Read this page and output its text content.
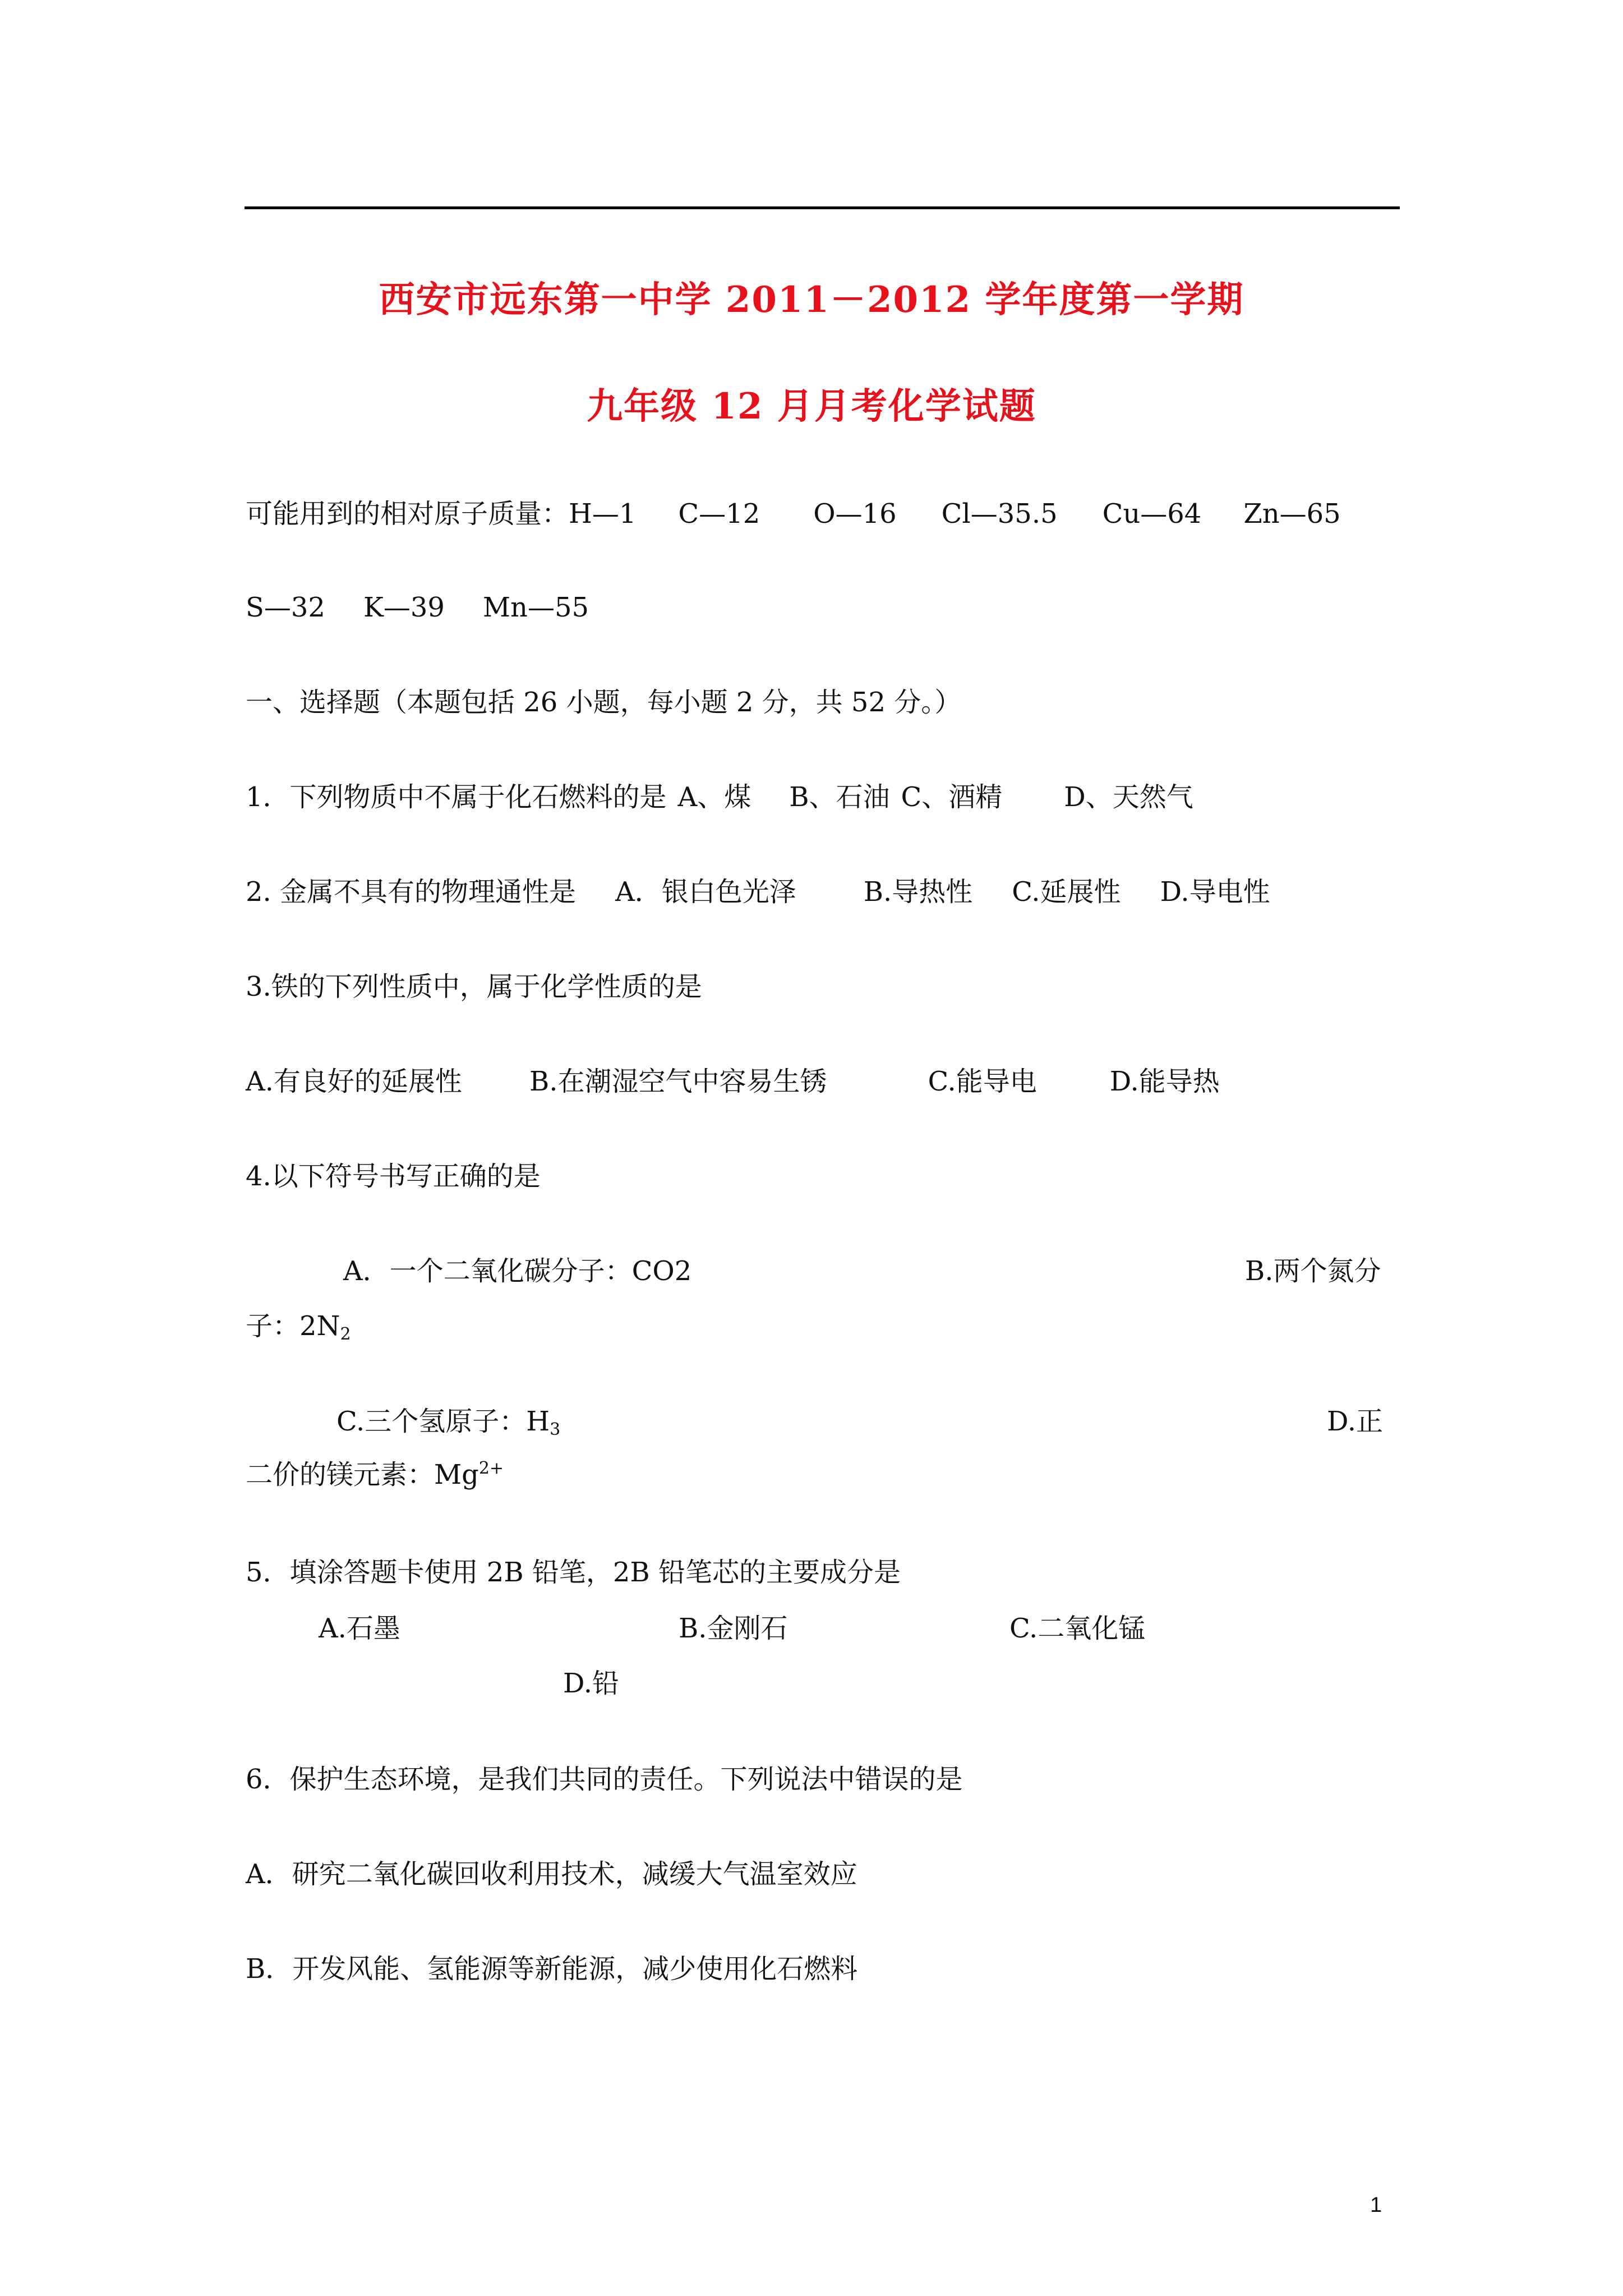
西安市远东第一中学 2011－2012 学年度第一学期
九年级 12 月月考化学试题
可能用到的相对原子质量：H—1 C—12 O—16 Cl—35.5 Cu—64 Zn—65
S—32 K—39 Mn—55
一、选择题（本题包括 26 小题，每小题 2 分，共 52 分。）
1．下列物质中不属于化石燃料的是 A、煤 B、石油 C、酒精 D、天然气
2. 金属不具有的物理通性是 A．银白色光泽	B.导热性 C.延展性 D.导电性
3.铁的下列性质中，属于化学性质的是
A.有良好的延展性	B.在潮湿空气中容易生锈	C.能导电	D.能导热
4.以下符号书写正确的是
A．一个二氧化碳分子：CO2	B.两个氮分
子：$2N_2$
C.三个氢原子：$H_3$	D.正
二价的镁元素：$Mg^{2+}$
5．填涂答题卡使用 2B 铅笔，2B 铅笔芯的主要成分是
A.石墨	B.金刚石	C.二氧化锰
D.铅
6．保护生态环境，是我们共同的责任。下列说法中错误的是
A．研究二氧化碳回收利用技术，减缓大气温室效应
B．开发风能、氢能源等新能源，减少使用化石燃料
1
